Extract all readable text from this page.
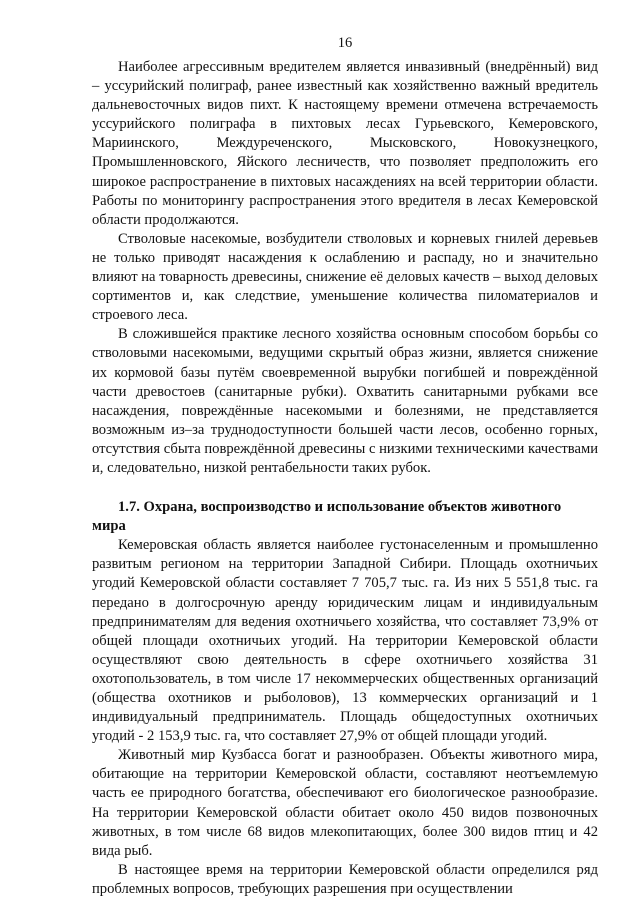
16

Наиболее агрессивным вредителем является инвазивный (внедрённый) вид – уссурийский полиграф, ранее известный как хозяйственно важный вредитель дальневосточных видов пихт. К настоящему времени отмечена встречаемость уссурийского полиграфа в пихтовых лесах Гурьевского, Кемеровского, Мариинского, Междуреченского, Мысковского, Новокузнецкого, Промышленновского, Яйского лесничеств, что позволяет предположить его широкое распространение в пихтовых насаждениях на всей территории области. Работы по мониторингу распространения этого вредителя в лесах Кемеровской области продолжаются.

Стволовые насекомые, возбудители стволовых и корневых гнилей деревьев не только приводят насаждения к ослаблению и распаду, но и значительно влияют на товарность древесины, снижение её деловых качеств – выход деловых сортиментов и, как следствие, уменьшение количества пиломатериалов и строевого леса.

В сложившейся практике лесного хозяйства основным способом борьбы со стволовыми насекомыми, ведущими скрытый образ жизни, является снижение их кормовой базы путём своевременной вырубки погибшей и повреждённой части древостоев (санитарные рубки). Охватить санитарными рубками все насаждения, повреждённые насекомыми и болезнями, не представляется возможным из–за труднодоступности большей части лесов, особенно горных, отсутствия сбыта повреждённой древесины с низкими техническими качествами и, следовательно, низкой рентабельности таких рубок.

1.7. Охрана, воспроизводство и использование объектов животного мира

Кемеровская область является наиболее густонаселенным и промышленно развитым регионом на территории Западной Сибири. Площадь охотничьих угодий Кемеровской области составляет 7 705,7 тыс. га. Из них 5 551,8 тыс. га передано в долгосрочную аренду юридическим лицам и индивидуальным предпринимателям для ведения охотничьего хозяйства, что составляет 73,9% от общей площади охотничьих угодий. На территории Кемеровской области осуществляют свою деятельность в сфере охотничьего хозяйства 31 охотопользователь, в том числе 17 некоммерческих общественных организаций (общества охотников и рыболовов), 13 коммерческих организаций и 1 индивидуальный предприниматель. Площадь общедоступных охотничьих угодий - 2 153,9 тыс. га, что составляет 27,9% от общей площади угодий.

Животный мир Кузбасса богат и разнообразен. Объекты животного мира, обитающие на территории Кемеровской области, составляют неотъемлемую часть ее природного богатства, обеспечивают его биологическое разнообразие. На территории Кемеровской области обитает около 450 видов позвоночных животных, в том числе 68 видов млекопитающих, более 300 видов птиц и 42 вида рыб.

В настоящее время на территории Кемеровской области определился ряд проблемных вопросов, требующих разрешения при осуществлении
